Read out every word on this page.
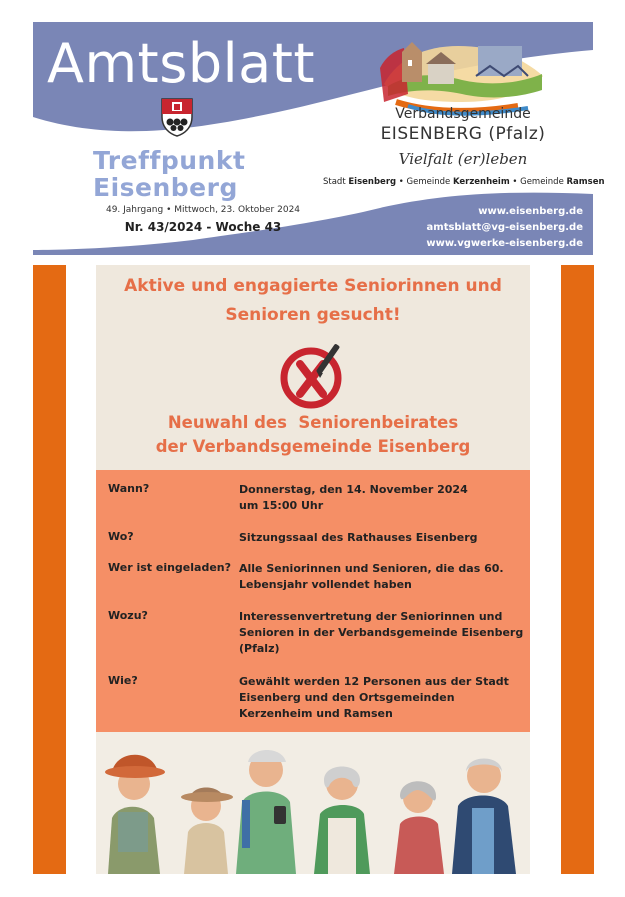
Amtsblatt
Treffpunkt
Eisenberg
49. Jahrgang • Mittwoch, 23. Oktober 2024
Nr. 43/2024 - Woche 43
Verbandsgemeinde
EISENBERG (Pfalz)
Vielfalt (er)leben
Stadt Eisenberg • Gemeinde Kerzenheim • Gemeinde Ramsen
www.eisenberg.de
amtsblatt@vg-eisenberg.de
www.vgwerke-eisenberg.de
Aktive und engagierte Seniorinnen und
Senioren gesucht!
Neuwahl des  Seniorenbeirates
der Verbandsgemeinde Eisenberg
Wann?	Donnerstag, den 14. November 2024 um 15:00 Uhr
Wo?	Sitzungssaal des Rathauses Eisenberg
Wer ist eingeladen? Alle Seniorinnen und Senioren, die das 60. Lebensjahr vollendet haben
Wozu?	Interessenvertretung der Seniorinnen und Senioren in der Verbandsgemeinde Eisenberg (Pfalz)
Wie?	Gewählt werden 12 Personen aus der Stadt Eisenberg und den Ortsgemeinden Kerzenheim und Ramsen
